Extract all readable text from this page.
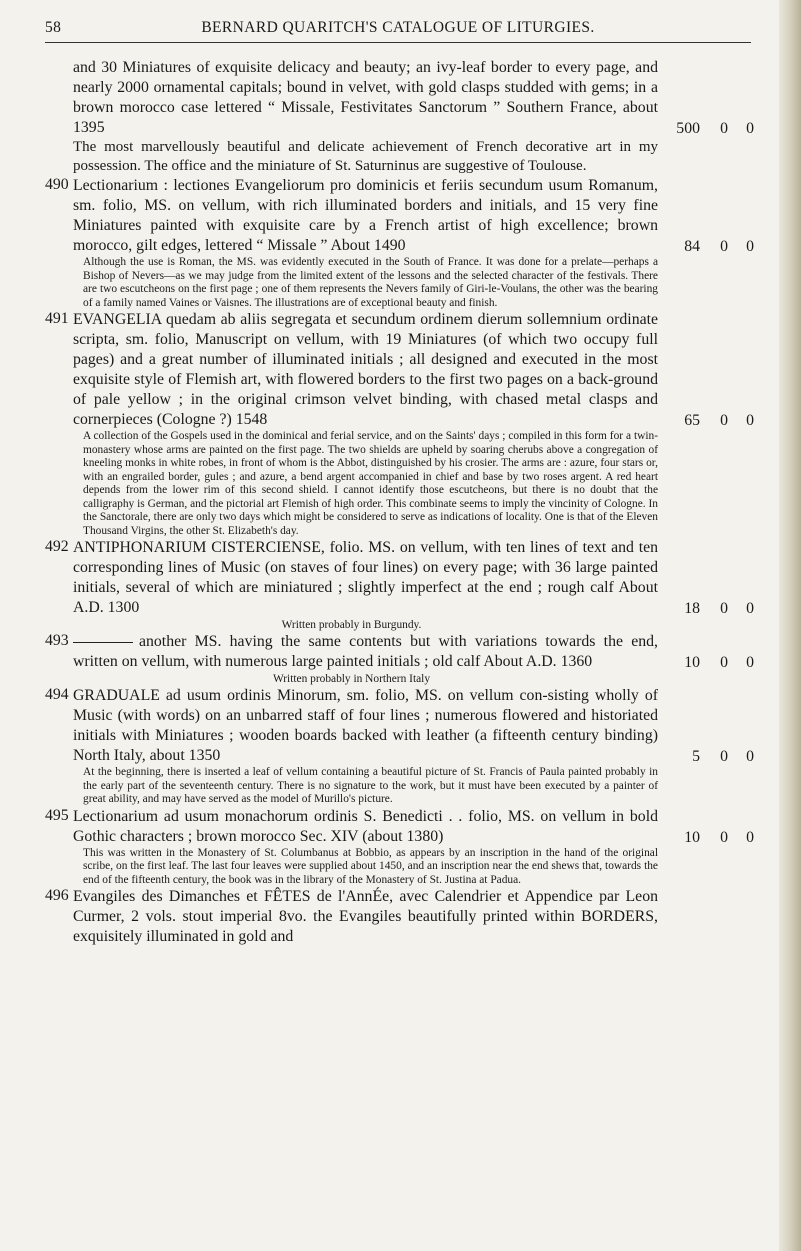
58	BERNARD QUARITCH'S CATALOGUE OF LITURGIES.
and 30 Miniatures of exquisite delicacy and beauty; an ivy-leaf border to every page, and nearly 2000 ornamental capitals; bound in velvet, with gold clasps studded with gems; in a brown morocco case lettered “ Missale, Festivitates Sanctorum ” Southern France, about 1395	500	0	0
The most marvellously beautiful and delicate achievement of French decorative art in my possession. The office and the miniature of St. Saturninus are suggestive of Toulouse.
490 Lectionarium : lectiones Evangeliorum pro dominicis et feriis secundum usum Romanum, sm. folio, MS. on vellum, with rich illuminated borders and initials, and 15 very fine Miniatures painted with exquisite care by a French artist of high excellence; brown morocco, gilt edges, lettered “ Missale ” About 1490	84	0	0
Although the use is Roman, the MS. was evidently executed in the South of France. It was done for a prelate—perhaps a Bishop of Nevers—as we may judge from the limited extent of the lessons and the selected character of the festivals. There are two escutcheons on the first page ; one of them represents the Nevers family of Giri-le-Voulans, the other was the bearing of a family named Vaines or Vaisnes. The illustrations are of exceptional beauty and finish.
491 EVANGELIA quedam ab aliis segregata et secundum ordinem dierum sollemnium ordinate scripta, sm. folio, Manuscript on vellum, with 19 Miniatures (of which two occupy full pages) and a great number of illuminated initials ; all designed and executed in the most exquisite style of Flemish art, with flowered borders to the first two pages on a back-ground of pale yellow ; in the original crimson velvet binding, with chased metal clasps and cornerpieces (Cologne ?) 1548	65	0	0
A collection of the Gospels used in the dominical and ferial service, and on the Saints' days ; compiled in this form for a twin-monastery whose arms are painted on the first page. The two shields are upheld by soaring cherubs above a congregation of kneeling monks in white robes, in front of whom is the Abbot, distinguished by his crosier. The arms are : azure, four stars or, with an engrailed border, gules ; and azure, a bend argent accompanied in chief and base by two roses argent. A red heart depends from the lower rim of this second shield. I cannot identify those escutcheons, but there is no doubt that the calligraphy is German, and the pictorial art Flemish of high order. This combinate seems to imply the vincinity of Cologne. In the Sanctorale, there are only two days which might be considered to serve as indications of locality. One is that of the Eleven Thousand Virgins, the other St. Elizabeth's day.
492 ANTIPHONARIUM CISTERCIENSE, folio. MS. on vellum, with ten lines of text and ten corresponding lines of Music (on staves of four lines) on every page; with 36 large painted initials, several of which are miniatured ; slightly imperfect at the end ; rough calf About A.D. 1300	18	0	0
Written probably in Burgundy.
493	another MS. having the same contents but with variations towards the end, written on vellum, with numerous large painted initials ; old calf About A.D. 1360	10	0	0
Written probably in Northern Italy
494 GRADUALE ad usum ordinis Minorum, sm. folio, MS. on vellum con-sisting wholly of Music (with words) on an unbarred staff of four lines ; numerous flowered and historiated initials with Miniatures ; wooden boards backed with leather (a fifteenth century binding) North Italy, about 1350	5	0	0
At the beginning, there is inserted a leaf of vellum containing a beautiful picture of St. Francis of Paula painted probably in the early part of the seventeenth century. There is no signature to the work, but it must have been executed by a painter of great ability, and may have served as the model of Murillo's picture.
495 Lectionarium ad usum monachorum ordinis S. Benedicti . . folio, MS. on vellum in bold Gothic characters ; brown morocco Sec. XIV (about 1380)	10	0	0
This was written in the Monastery of St. Columbanus at Bobbio, as appears by an inscription in the hand of the original scribe, on the first leaf. The last four leaves were supplied about 1450, and an inscription near the end shews that, towards the end of the fifteenth century, the book was in the library of the Monastery of St. Justina at Padua.
496 Evangiles des Dimanches et FÊTES de l'AnnÉe, avec Calendrier et Appendice par Leon Curmer, 2 vols. stout imperial 8vo. the Evangiles beautifully printed within BORDERS, exquisitely illuminated in gold and
